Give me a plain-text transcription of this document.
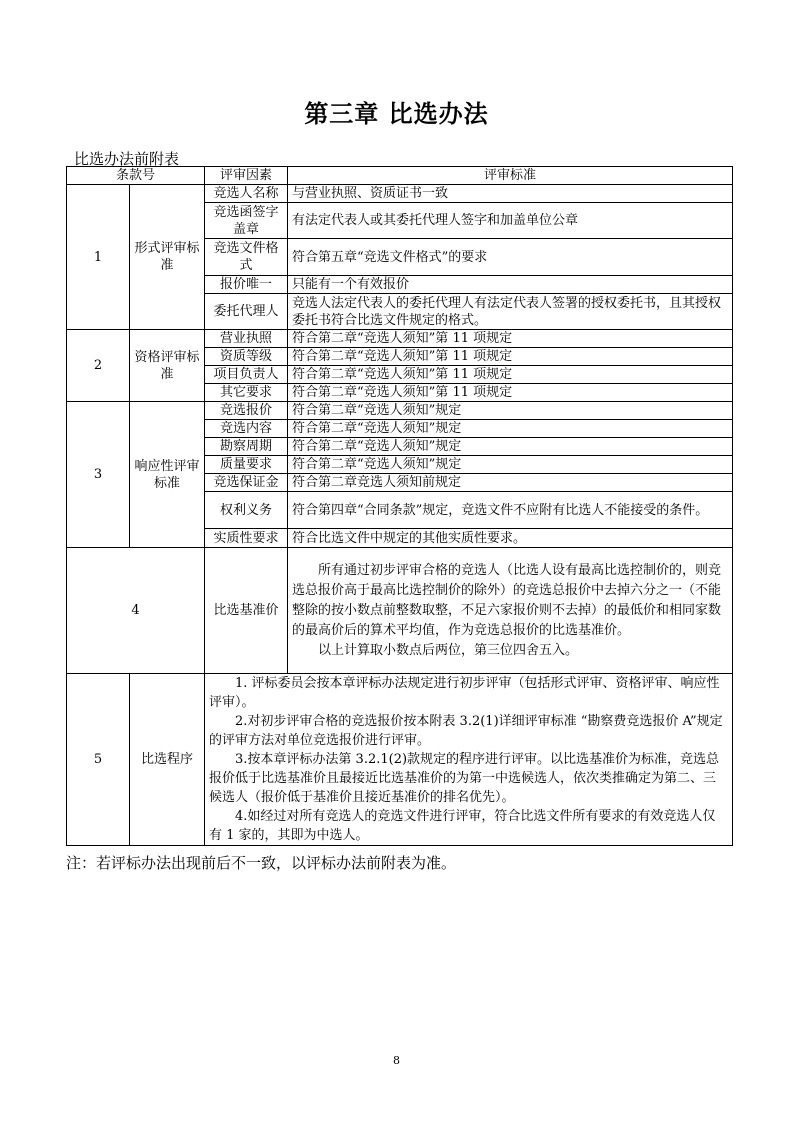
第三章 比选办法
比选办法前附表
条款号		评审因素	评审标准
1	形式评审标准	竞选人名称	与营业执照、资质证书一致
		竞选函签字盖章	有法定代表人或其委托代理人签字和加盖单位公章
		竞选文件格式	符合第五章“竞选文件格式”的要求
		报价唯一	只能有一个有效报价
		委托代理人	竞选人法定代表人的委托代理人有法定代表人签署的授权委托书，且其授权委托书符合比选文件规定的格式。
2	资格评审标准	营业执照	符合第二章“竞选人须知”第 11 项规定
		资质等级	符合第二章“竞选人须知”第 11 项规定
		项目负责人	符合第二章“竞选人须知”第 11 项规定
		其它要求	符合第二章“竞选人须知”第 11 项规定
3	响应性评审标准	竞选报价	符合第二章“竞选人须知”规定
		竞选内容	符合第二章“竞选人须知”规定
		勘察周期	符合第二章“竞选人须知”规定
		质量要求	符合第二章“竞选人须知”规定
		竞选保证金	符合第二章竞选人须知前规定
		权利义务	符合第四章“合同条款”规定，竞选文件不应附有比选人不能接受的条件。
		实质性要求	符合比选文件中规定的其他实质性要求。
4		比选基准价	所有通过初步评审合格的竞选人（比选人设有最高比选控制价的，则竞选总报价高于最高比选控制价的除外）的竞选总报价中去掉六分之一（不能整除的按小数点前整数取整，不足六家报价则不去掉）的最低价和相同家数的最高价后的算术平均值，作为竞选总报价的比选基准价。

以上计算取小数点后两位，第三位四舍五入。

5	比选程序	1. 评标委员会按本章评标办法规定进行初步评审（包括形式评审、资格评审、响应性评审）。

2.对初步评审合格的竞选报价按本附表 3.2(1)详细评审标准 “勘察费竞选报价 A”规定的评审方法对单位竞选报价进行评审。

3.按本章评标办法第 3.2.1(2)款规定的程序进行评审。以比选基准价为标准，竞选总报价低于比选基准价且最接近比选基准价的为第一中选候选人，依次类推确定为第二、三候选人（报价低于基准价且接近基准价的排名优先）。

4.如经过对所有竞选人的竞选文件进行评审，符合比选文件所有要求的有效竞选人仅有 1 家的，其即为中选人。	

注：若评标办法出现前后不一致，以评标办法前附表为准。
8
